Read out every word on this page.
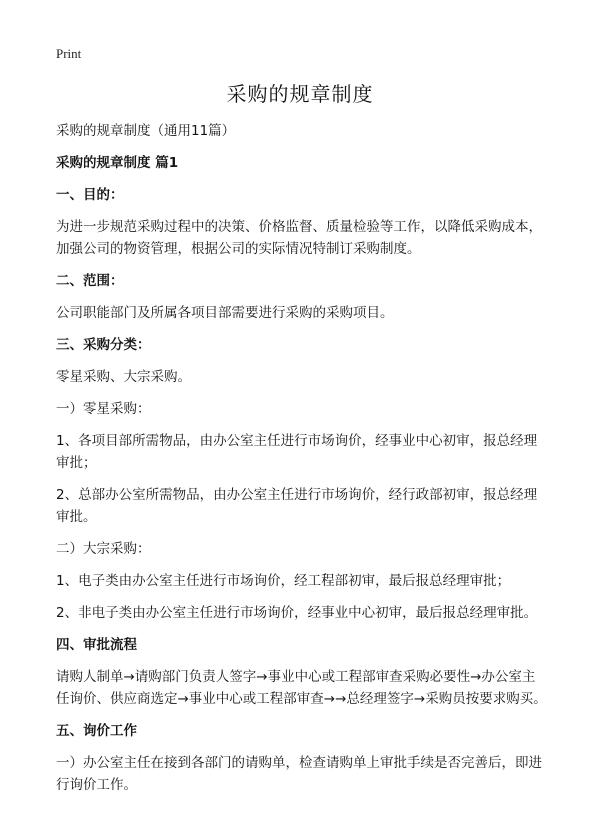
Print
采购的规章制度

采购的规章制度（通用11篇）

采购的规章制度 篇1

一、目的：

为进一步规范采购过程中的决策、价格监督、质量检验等工作，以降低采购成本，加强公司的物资管理，根据公司的实际情况特制订采购制度。

二、范围：

公司职能部门及所属各项目部需要进行采购的采购项目。

三、采购分类：

零星采购、大宗采购。

一）零星采购：

1、各项目部所需物品，由办公室主任进行市场询价，经事业中心初审，报总经理审批；

2、总部办公室所需物品，由办公室主任进行市场询价，经行政部初审，报总经理审批。

二）大宗采购：

1、电子类由办公室主任进行市场询价，经工程部初审，最后报总经理审批；

2、非电子类由办公室主任进行市场询价，经事业中心初审，最后报总经理审批。

四、审批流程

请购人制单→请购部门负责人签字→事业中心或工程部审查采购必要性→办公室主任询价、供应商选定→事业中心或工程部审查→→总经理签字→采购员按要求购买。

五、询价工作

一）办公室主任在接到各部门的请购单，检查请购单上审批手续是否完善后，即进行询价工作。
